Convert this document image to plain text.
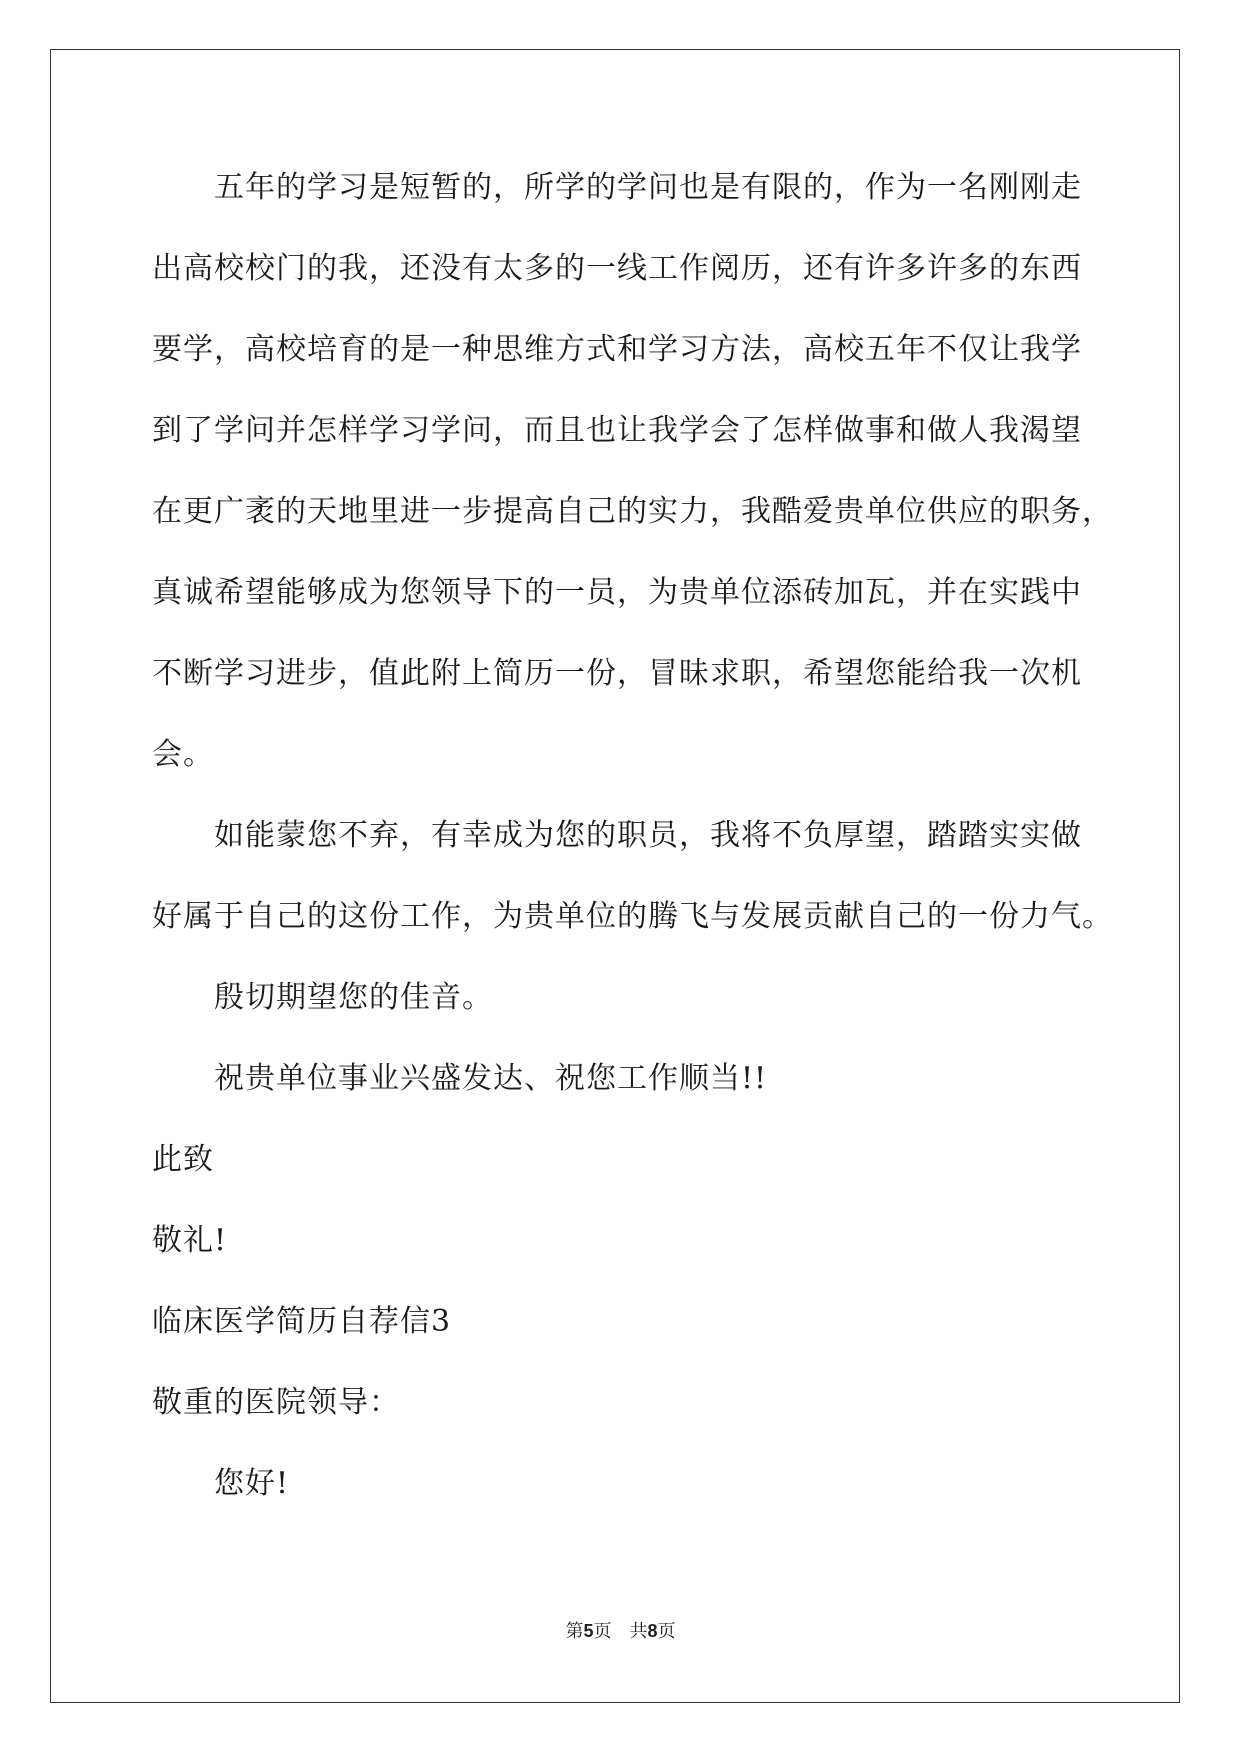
五年的学习是短暂的，所学的学问也是有限的，作为一名刚刚走
出高校校门的我，还没有太多的一线工作阅历，还有许多许多的东西
要学，高校培育的是一种思维方式和学习方法，高校五年不仅让我学
到了学问并怎样学习学问，而且也让我学会了怎样做事和做人我渴望
在更广袤的天地里进一步提高自己的实力，我酷爱贵单位供应的职务，
真诚希望能够成为您领导下的一员，为贵单位添砖加瓦，并在实践中
不断学习进步，值此附上简历一份，冒昧求职，希望您能给我一次机
会。
如能蒙您不弃，有幸成为您的职员，我将不负厚望，踏踏实实做
好属于自己的这份工作，为贵单位的腾飞与发展贡献自己的一份力气。
殷切期望您的佳音。
祝贵单位事业兴盛发达、祝您工作顺当!!
此致
敬礼!
临床医学简历自荐信3
敬重的医院领导：
您好!
第5页　共8页
